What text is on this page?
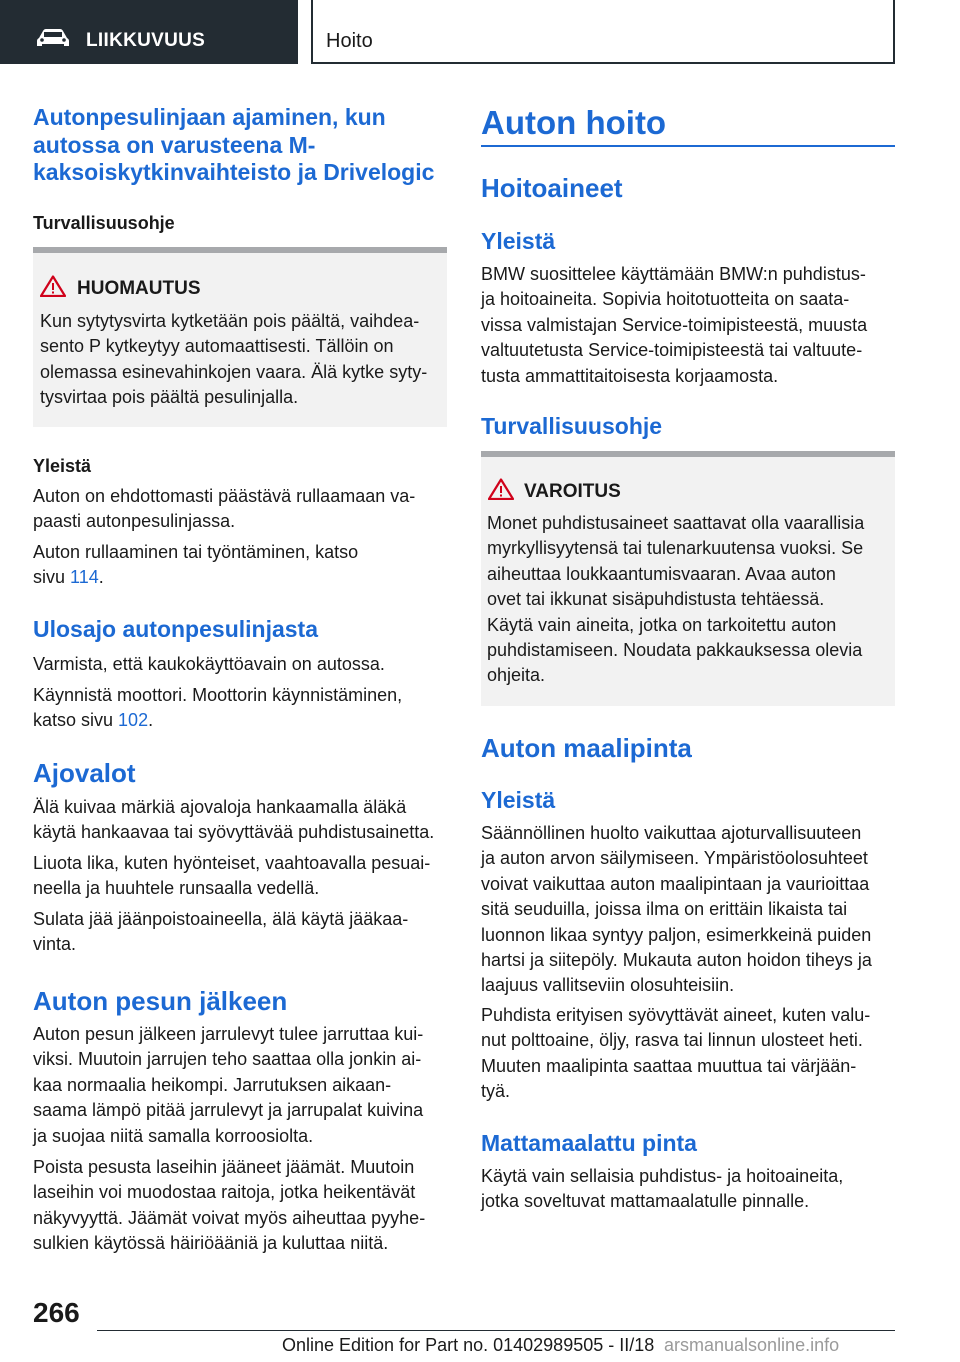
LIIKKUVUUS	Hoito
Autonpesulinjaan ajaminen, kun
autossa on varusteena M-
kaksoiskytkinvaihteisto ja Drivelogic
Turvallisuusohje
HUOMAUTUS
Kun sytytysvirta kytketään pois päältä, vaihdea-
sento P kytkeytyy automaattisesti. Tällöin on
olemassa esinevahinkojen vaara. Älä kytke syty-
tysvirtaa pois päältä pesulinjalla.
Yleistä
Auton on ehdottomasti päästävä rullaamaan va-
paasti autonpesulinjassa.
Auton rullaaminen tai työntäminen, katso
sivu 114.
Ulosajo autonpesulinjasta
Varmista, että kaukokäyttöavain on autossa.
Käynnistä moottori. Moottorin käynnistäminen,
katso sivu 102.
Ajovalot
Älä kuivaa märkiä ajovaloja hankaamalla äläkä
käytä hankaavaa tai syövyttävää puhdistusainetta.
Liuota lika, kuten hyönteiset, vaahtoavalla pesuai-
neella ja huuhtele runsaalla vedellä.
Sulata jää jäänpoistoaineella, älä käytä jääkaa-
vinta.
Auton pesun jälkeen
Auton pesun jälkeen jarrulevyt tulee jarruttaa kui-
viksi. Muutoin jarrujen teho saattaa olla jonkin ai-
kaa normaalia heikompi. Jarrutuksen aikaan-
saama lämpö pitää jarrulevyt ja jarrupalat kuivina
ja suojaa niitä samalla korroosiolta.
Poista pesusta laseihin jääneet jäämät. Muutoin
laseihin voi muodostaa raitoja, jotka heikentävät
näkyvyyttä. Jäämät voivat myös aiheuttaa pyyhe-
sulkien käytössä häiriöääniä ja kuluttaa niitä.
Auton hoito
Hoitoaineet
Yleistä
BMW suosittelee käyttämään BMW:n puhdistus-
ja hoitoaineita. Sopivia hoitotuotteita on saata-
vissa valmistajan Service-toimipisteestä, muusta
valtuutetusta Service-toimipisteestä tai valtuute-
tusta ammattitaitoisesta korjaamosta.
Turvallisuusohje
VAROITUS
Monet puhdistusaineet saattavat olla vaarallisia
myrkyllisyytensä tai tulenarkuutensa vuoksi. Se
aiheuttaa loukkaantumisvaaran. Avaa auton
ovet tai ikkunat sisäpuhdistusta tehtäessä.
Käytä vain aineita, jotka on tarkoitettu auton
puhdistamiseen. Noudata pakkauksessa olevia
ohjeita.
Auton maalipinta
Yleistä
Säännöllinen huolto vaikuttaa ajoturvallisuuteen
ja auton arvon säilymiseen. Ympäristöolosuhteet
voivat vaikuttaa auton maalipintaan ja vaurioittaa
sitä seuduilla, joissa ilma on erittäin likaista tai
luonnon likaa syntyy paljon, esimerkkeinä puiden
hartsi ja siitepöly. Mukauta auton hoidon tiheys ja
laajuus vallitseviin olosuhteisiin.
Puhdista erityisen syövyttävät aineet, kuten valu-
nut polttoaine, öljy, rasva tai linnun ulosteet heti.
Muuten maalipinta saattaa muuttua tai värjään-
tyä.
Mattamaalattu pinta
Käytä vain sellaisia puhdistus- ja hoitoaineita,
jotka soveltuvat mattamaalatulle pinnalle.
266
Online Edition for Part no. 01402989505 - II/18 arsmanualsonline.info
